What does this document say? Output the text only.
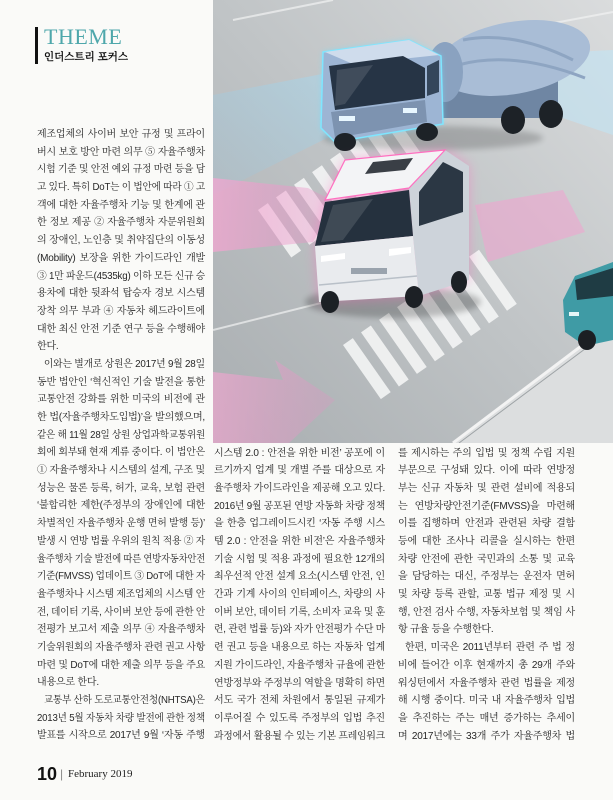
THEME
인더스트리 포커스
제조업체의 사이버 보안 규정 및 프라이
버시 보호 방안 마련 의무 ⑤ 자율주행차
시험 기준 및 안전 예외 규정 마련 등을 담
고 있다. 특히 DoT는 이 법안에 따라 ① 고
객에 대한 자율주행차 기능 및 한계에 관
한 정보 제공 ② 자율주행차 자문위원회
의 장애인, 노인층 및 취약집단의 이동성
(Mobility) 보장을 위한 가이드라인 개발
③ 1만 파운드(4535kg) 이하 모든 신규 승
용차에 대한 뒷좌석 탑승자 경보 시스템
장착 의무 부과 ④ 자동차 헤드라이트에
대한 최신 안전 기준 연구 등을 수행해야
한다.
이와는 별개로 상원은 2017년 9월 28일
동반 법안인 ‘혁신적인 기술 발전을 통한
교통안전 강화를 위한 미국의 비전에 관
한 법(자율주행차도입법)’을 발의했으며,
같은 해 11월 28일 상원 상업과학교통위원
회에 회부돼 현재 계류 중이다. 이 법안은
① 자율주행차나 시스템의 설계, 구조 및
성능은 물론 등록, 허가, 교육, 보험 관련
‘불합리한 제한(주정부의 장애인에 대한
차별적인 자율주행차 운행 면허 발행 등)’
발생 시 연방 법률 우위의 원칙 적용 ② 자
율주행차 기술 발전에 따른 연방자동차안전
기준(FMVSS) 업데이트 ③ DoT에 대한 자
율주행차나 시스템 제조업체의 시스템 안
전, 데이터 기록, 사이버 보안 등에 관한 안
전평가 보고서 제출 의무 ④ 자율주행차
기술위원회의 자율주행차 관련 권고 사항
마련 및 DoT에 대한 제출 의무 등을 주요
내용으로 한다.
교통부 산하 도로교통안전청(NHTSA)은
2013년 5월 자동차 차량 발전에 관한 정책
발표를 시작으로 2017년 9월 ‘자동 주행
시스템 2.0 : 안전을 위한 비전’ 공포에 이
르기까지 업계 및 개별 주를 대상으로 자
율주행차 가이드라인을 제공해 오고 있다.
2016년 9월 공포된 연방 자동화 차량 정책
을 한층 업그레이드시킨 ‘자동 주행 시스
템 2.0 : 안전을 위한 비전’은 자율주행차
기술 시험 및 적용 과정에 필요한 12개의
최우선적 안전 설계 요소(시스템 안전, 인
간과 기계 사이의 인터페이스, 차량의 사
이버 보안, 데이터 기록, 소비자 교육 및 훈
련, 관련 법률 등)와 자가 안전평가 수단 마
련 권고 등을 내용으로 하는 자동차 업계
지원 가이드라인, 자율주행차 규율에 관한
연방정부와 주정부의 역할을 명확히 하면
서도 국가 전체 차원에서 통일된 규제가
이루어질 수 있도록 주정부의 입법 추진
과정에서 활용될 수 있는 기본 프레임워크
를 제시하는 주의 입법 및 정책 수립 지원
부문으로 구성돼 있다. 이에 따라 연방정
부는 신규 자동차 및 관련 설비에 적용되
는 연방차량안전기준(FMVSS)을 마련해
이를 집행하며 안전과 관련된 차량 결함
등에 대한 조사나 리콜을 실시하는 한편
차량 안전에 관한 국민과의 소통 및 교육
을 담당하는 대신, 주정부는 운전자 면허
및 차량 등록 관할, 교통 법규 제정 및 시
행, 안전 검사 수행, 자동차보험 및 책임 사
항 규율 등을 수행한다.
한편, 미국은 2011년부터 관련 주 법 정
비에 들어간 이후 현재까지 총 29개 주와
워싱턴에서 자율주행차 관련 법률을 제정
해 시행 중이다. 미국 내 자율주행차 입법
을 추진하는 주는 매년 증가하는 추세이
며 2017년에는 33개 주가 자율주행차 법
10 | February 2019
